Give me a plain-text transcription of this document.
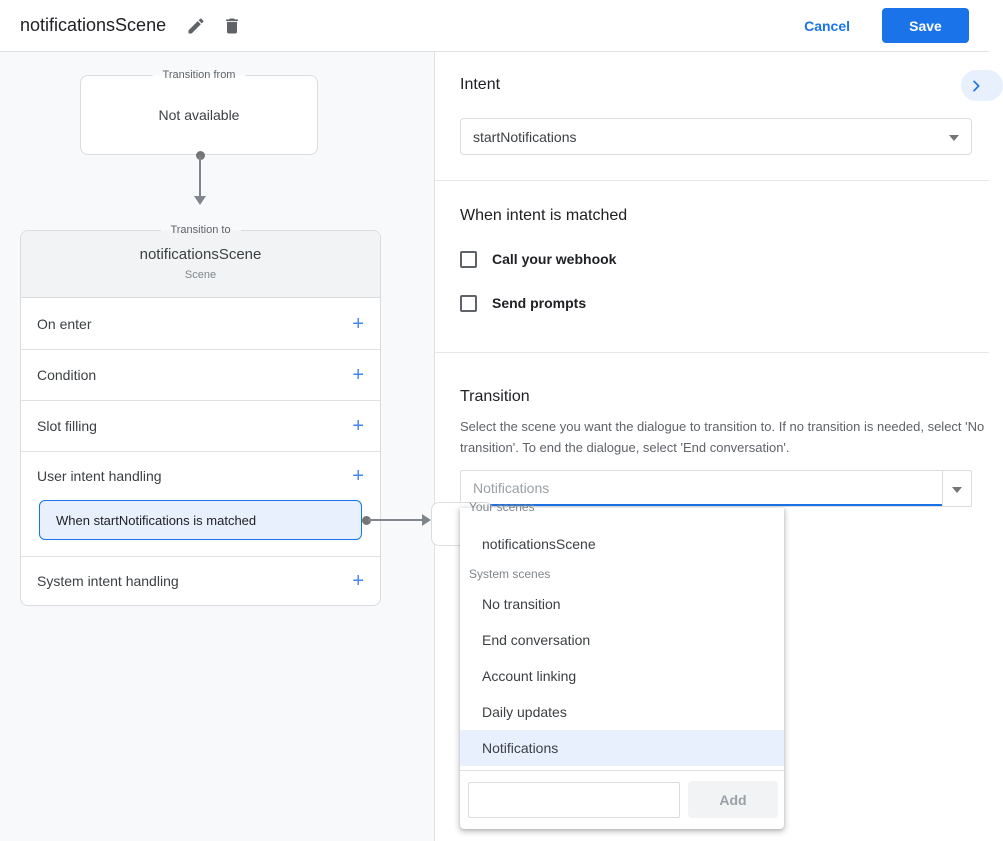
notificationsScene	Cancel	Save
Transition from
Not available
Transition to
notificationsScene
Scene
On enter	+
Condition	+
Slot filling	+
User intent handling	+
When startNotifications is matched
System intent handling	+
Intent
startNotifications
When intent is matched
Call your webhook
Send prompts
Transition

Select the scene you want the dialogue to transition to. If no transition is needed, select 'No transition'. To end the dialogue, select 'End conversation'.

Notifications
Your scenes
notificationsScene
System scenes
No transition
End conversation
Account linking
Daily updates
Notifications
Add
